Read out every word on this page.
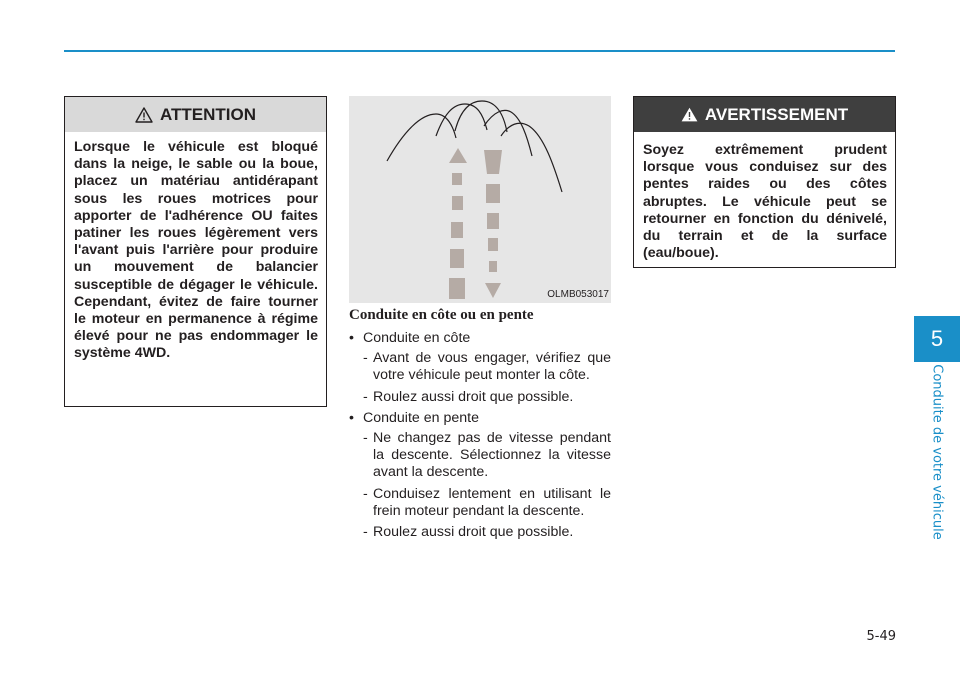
ATTENTION
Lorsque le véhicule est bloqué dans la neige, le sable ou la boue, placez un matériau antidérapant sous les roues motrices pour apporter de l'adhérence OU faites patiner les roues légèrement vers l'avant puis l'arrière pour produire un mouvement de balancier susceptible de dégager le véhicule. Cependant, évitez de faire tourner le moteur en permanence à régime élevé pour ne pas endommager le système 4WD.
OLMB053017
Conduite en côte ou en pente
• Conduite en côte
- Avant de vous engager, vérifiez que votre véhicule peut monter la côte.
- Roulez aussi droit que possible.
• Conduite en pente
- Ne changez pas de vitesse pendant la descente. Sélectionnez la vitesse avant la descente.
- Conduisez lentement en utilisant le frein moteur pendant la descente.
- Roulez aussi droit que possible.
AVERTISSEMENT
Soyez extrêmement prudent lorsque vous conduisez sur des pentes raides ou des côtes abruptes. Le véhicule peut se retourner en fonction du dénivelé, du terrain et de la surface (eau/boue).
5
Conduite de votre véhicule
5-49
